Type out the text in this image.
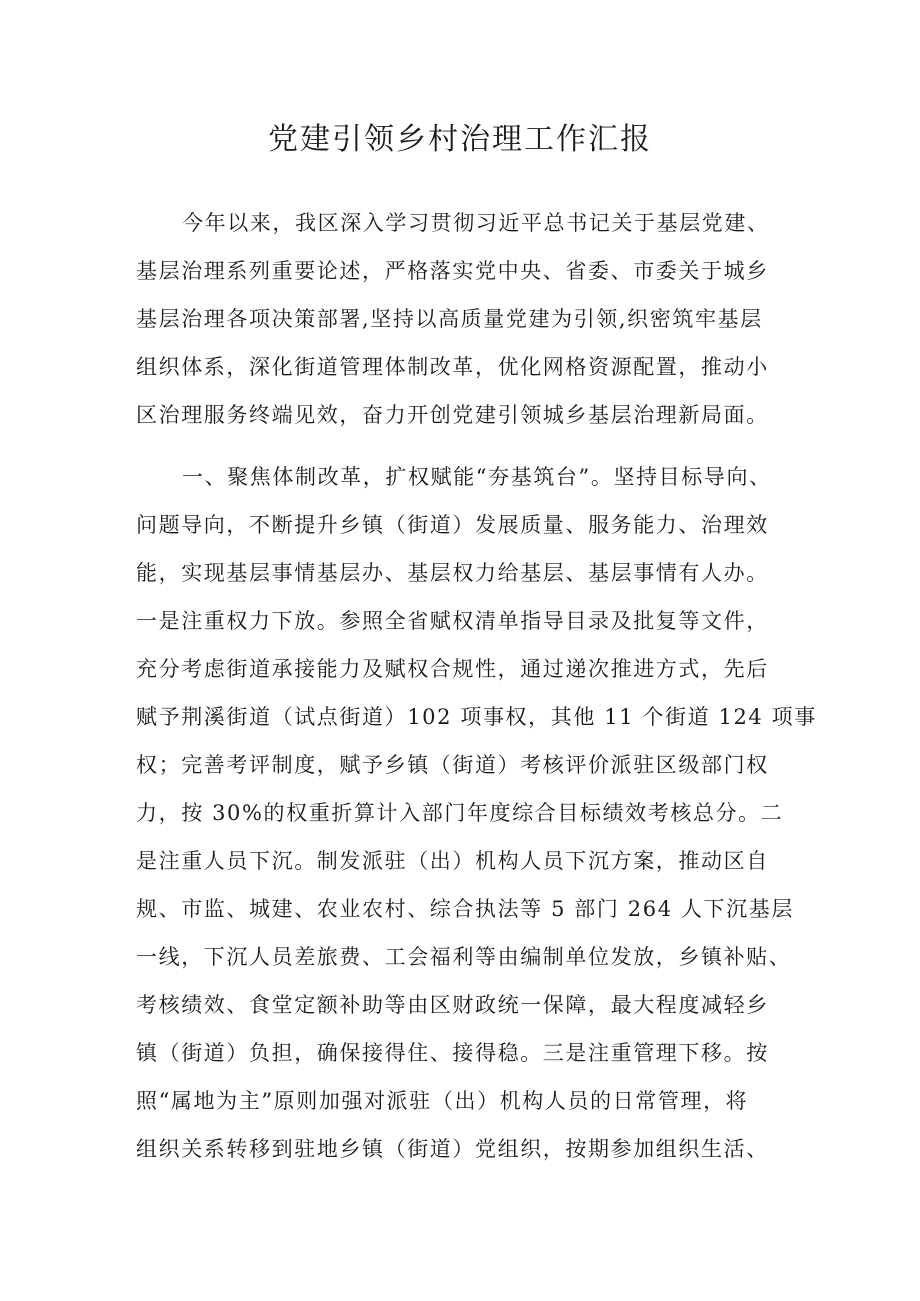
党建引领乡村治理工作汇报

今年以来，我区深入学习贯彻习近平总书记关于基层党建、

基层治理系列重要论述，严格落实党中央、省委、市委关于城乡

基层治理各项决策部署,坚持以高质量党建为引领,织密筑牢基层

组织体系，深化街道管理体制改革，优化网格资源配置，推动小

区治理服务终端见效，奋力开创党建引领城乡基层治理新局面。

一、聚焦体制改革，扩权赋能“夯基筑台”。坚持目标导向、

问题导向，不断提升乡镇（街道）发展质量、服务能力、治理效

能，实现基层事情基层办、基层权力给基层、基层事情有人办。

一是注重权力下放。参照全省赋权清单指导目录及批复等文件，

充分考虑街道承接能力及赋权合规性，通过递次推进方式，先后

赋予荆溪街道（试点街道）102 项事权，其他 11 个街道 124 项事

权；完善考评制度，赋予乡镇（街道）考核评价派驻区级部门权

力，按 30%的权重折算计入部门年度综合目标绩效考核总分。二

是注重人员下沉。制发派驻（出）机构人员下沉方案，推动区自

规、市监、城建、农业农村、综合执法等 5 部门 264 人下沉基层

一线，下沉人员差旅费、工会福利等由编制单位发放，乡镇补贴、

考核绩效、食堂定额补助等由区财政统一保障，最大程度减轻乡

镇（街道）负担，确保接得住、接得稳。三是注重管理下移。按

照“属地为主”原则加强对派驻（出）机构人员的日常管理，将

组织关系转移到驻地乡镇（街道）党组织，按期参加组织生活、
